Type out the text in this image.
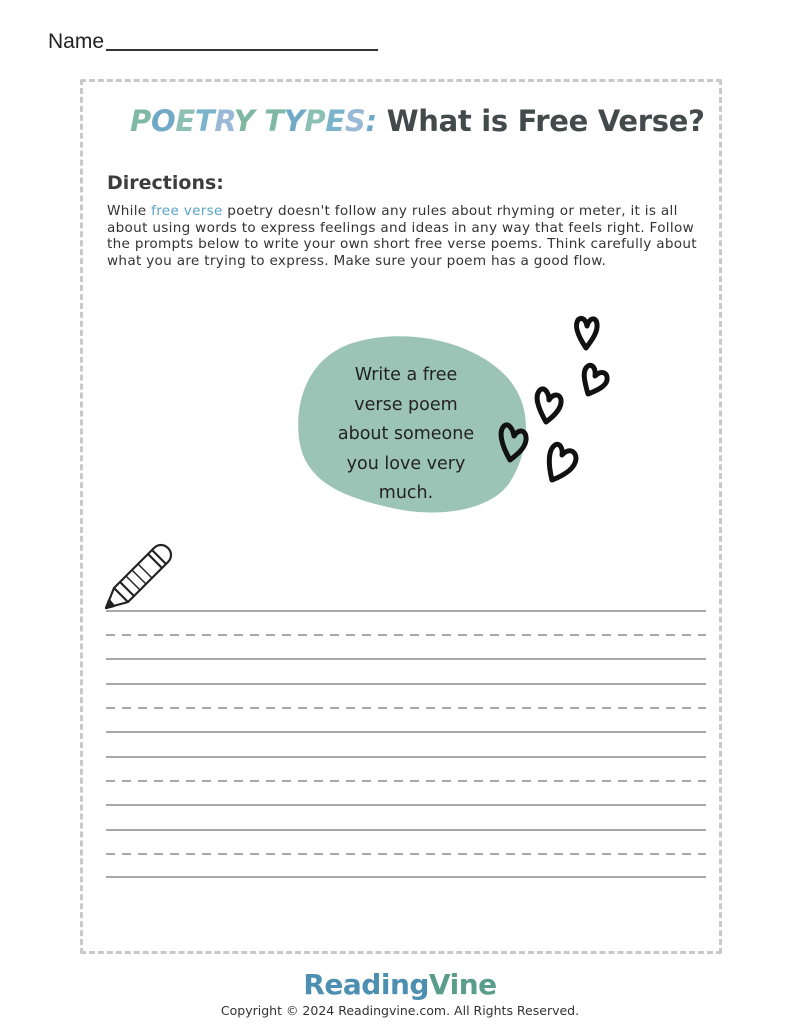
Name
POETRY TYPES: What is Free Verse?
Directions:
While free verse poetry doesn't follow any rules about rhyming or meter, it is all about using words to express feelings and ideas in any way that feels right. Follow the prompts below to write your own short free verse poems. Think carefully about what you are trying to express. Make sure your poem has a good flow.
Write a free
verse poem
about someone
you love very
much.
ReadingVine
Copyright © 2024 Readingvine.com. All Rights Reserved.
